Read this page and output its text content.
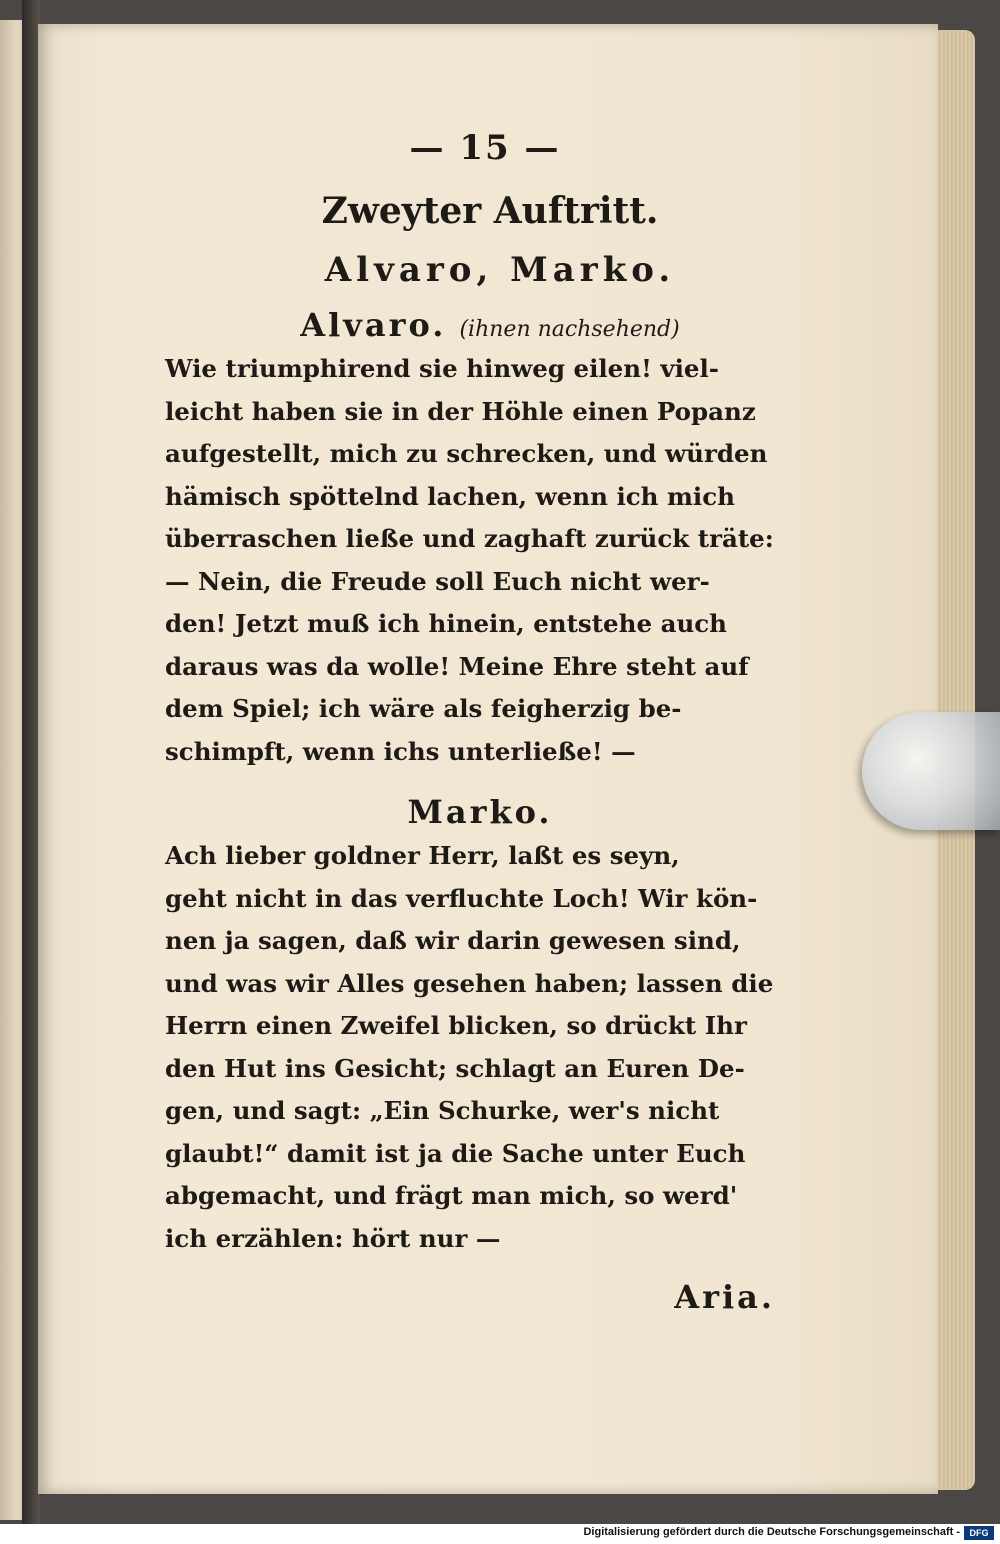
— 15 —
Zweyter Auftritt.
Alvaro, Marko.
Alvaro. (ihnen nachsehend)
Wie triumphirend sie hinweg eilen! viel-
leicht haben sie in der Höhle einen Popanz
aufgestellt, mich zu schrecken, und würden
hämisch spöttelnd lachen, wenn ich mich
überraschen ließe und zaghaft zurück träte:
— Nein, die Freude soll Euch nicht wer-
den! Jetzt muß ich hinein, entstehe auch
daraus was da wolle! Meine Ehre steht auf
dem Spiel; ich wäre als feigherzig be-
schimpft, wenn ichs unterließe! —
Marko.
Ach lieber goldner Herr, laßt es seyn,
geht nicht in das verfluchte Loch! Wir kön-
nen ja sagen, daß wir darin gewesen sind,
und was wir Alles gesehen haben; lassen die
Herrn einen Zweifel blicken, so drückt Ihr
den Hut ins Gesicht; schlagt an Euren De-
gen, und sagt: „Ein Schurke, wer's nicht
glaubt!“ damit ist ja die Sache unter Euch
abgemacht, und frägt man mich, so werd'
ich erzählen: hört nur —
Aria.
Digitalisierung gefördert durch die Deutsche Forschungsgemeinschaft -	DFG
